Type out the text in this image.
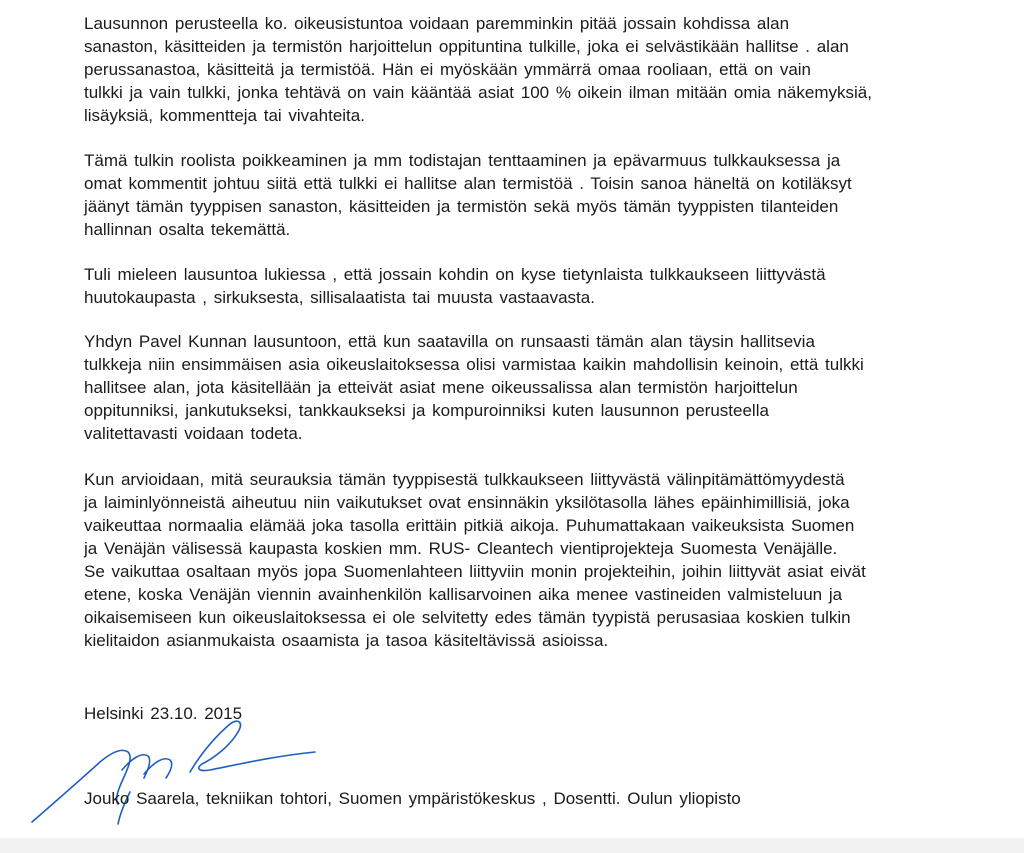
Lausunnon perusteella ko. oikeusistuntoa voidaan paremminkin pitää jossain kohdissa alan
sanaston, käsitteiden ja termistön harjoittelun oppituntina tulkille, joka ei selvästikään hallitse . alan
perussanastoa, käsitteitä ja termistöä. Hän ei myöskään ymmärrä omaa rooliaan, että on vain
tulkki ja vain tulkki, jonka tehtävä on vain kääntää asiat 100 % oikein ilman mitään omia näkemyksiä,
lisäyksiä, kommentteja tai vivahteita.

Tämä tulkin roolista poikkeaminen ja mm todistajan tenttaaminen ja epävarmuus tulkkauksessa ja
omat kommentit johtuu siitä että tulkki ei hallitse alan termistöä . Toisin sanoa häneltä on kotiläksyt
jäänyt tämän tyyppisen sanaston, käsitteiden ja termistön sekä myös tämän tyyppisten tilanteiden
hallinnan osalta tekemättä.

Tuli mieleen lausuntoa lukiessa , että jossain kohdin on kyse tietynlaista tulkkaukseen liittyvästä
huutokaupasta , sirkuksesta, sillisalaatista tai muusta vastaavasta.

Yhdyn Pavel Kunnan lausuntoon, että kun saatavilla on runsaasti tämän alan täysin hallitsevia
tulkkeja niin ensimmäisen asia oikeuslaitoksessa olisi varmistaa kaikin mahdollisin keinoin, että tulkki
hallitsee alan, jota käsitellään ja etteivät asiat mene oikeussalissa alan termistön harjoittelun
oppitunniksi, jankutukseksi, tankkaukseksi ja kompuroinniksi kuten lausunnon perusteella
valitettavasti voidaan todeta.

Kun arvioidaan, mitä seurauksia tämän tyyppisestä tulkkaukseen liittyvästä välinpitämättömyydestä
ja laiminlyönneistä aiheutuu niin vaikutukset ovat ensinnäkin yksilötasolla lähes epäinhimillisiä, joka
vaikeuttaa normaalia elämää joka tasolla erittäin pitkiä aikoja. Puhumattakaan vaikeuksista Suomen
ja Venäjän välisessä kaupasta koskien mm. RUS- Cleantech vientiprojekteja Suomesta Venäjälle.
Se vaikuttaa osaltaan myös jopa Suomenlahteen liittyviin monin projekteihin, joihin liittyvät asiat eivät
etene, koska Venäjän viennin avainhenkilön kallisarvoinen aika menee vastineiden valmisteluun ja
oikaisemiseen kun oikeuslaitoksessa ei ole selvitetty edes tämän tyypistä perusasiaa koskien tulkin
kielitaidon asianmukaista osaamista ja tasoa käsiteltävissä asioissa.

Helsinki 23.10. 2015

Jouko Saarela, tekniikan tohtori, Suomen ympäristökeskus , Dosentti. Oulun yliopisto
